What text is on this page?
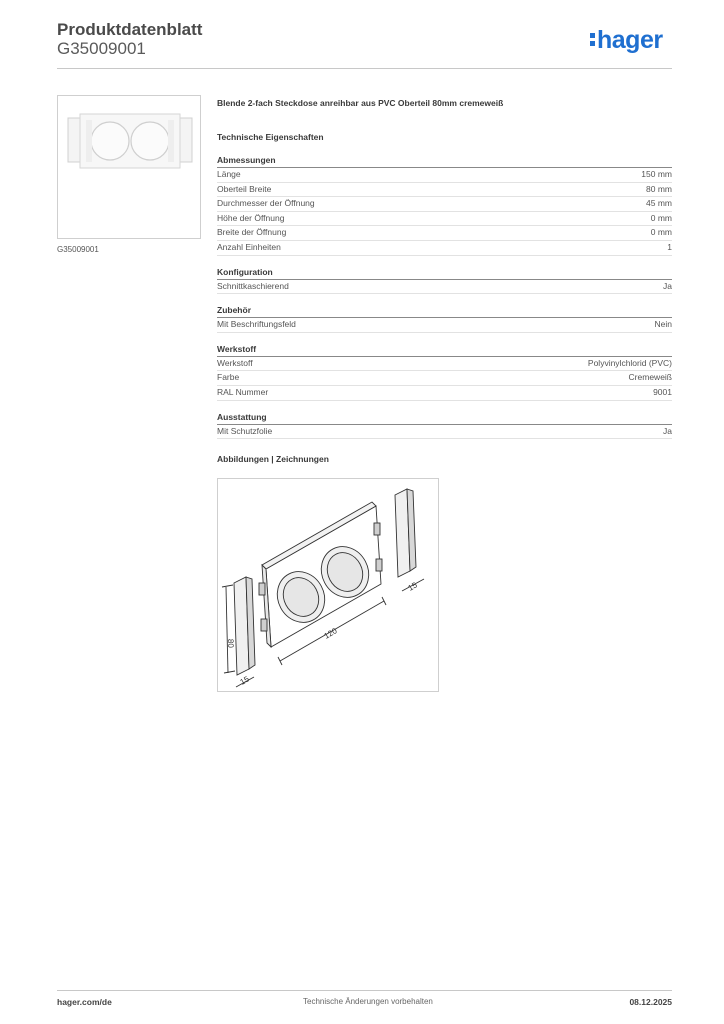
Produktdatenblatt
G35009001	hager
G35009001
Blende 2-fach Steckdose anreihbar aus PVC Oberteil 80mm cremeweiß
Technische Eigenschaften
Abmessungen
Länge	150 mm
Oberteil Breite	80 mm
Durchmesser der Öffnung	45 mm
Höhe der Öffnung	0 mm
Breite der Öffnung	0 mm
Anzahl Einheiten	1
Konfiguration
Schnittkaschierend	Ja
Zubehör
Mit Beschriftungsfeld	Nein
Werkstoff
Werkstoff	Polyvinylchlorid (PVC)
Farbe	Cremeweiß
RAL Nummer	9001
Ausstattung
Mit Schutzfolie	Ja
Abbildungen | Zeichnungen
80
120
15
15
hager.com/de	Technische Änderungen vorbehalten	08.12.2025
